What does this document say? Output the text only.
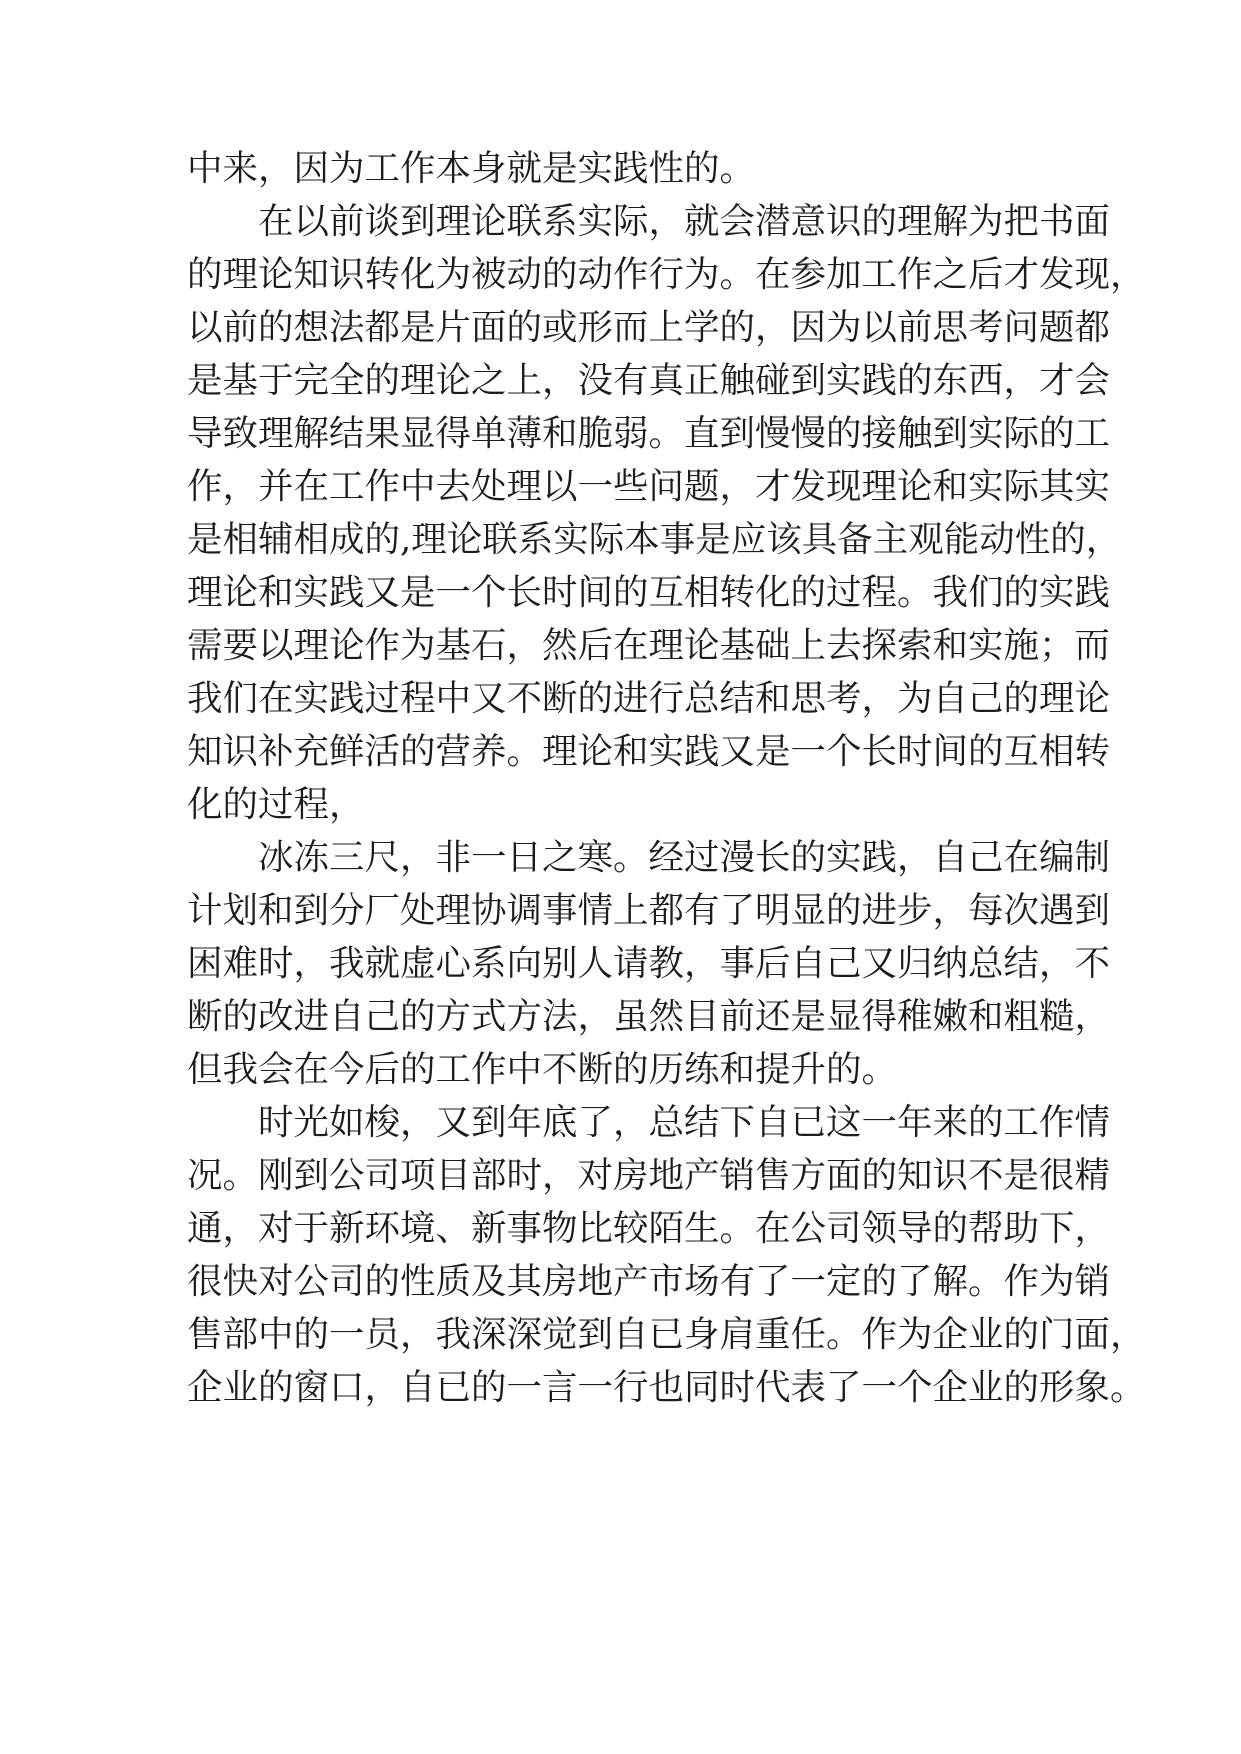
中来，因为工作本身就是实践性的。

在以前谈到理论联系实际，就会潜意识的理解为把书面

的理论知识转化为被动的动作行为。在参加工作之后才发现，

以前的想法都是片面的或形而上学的，因为以前思考问题都

是基于完全的理论之上，没有真正触碰到实践的东西，才会

导致理解结果显得单薄和脆弱。直到慢慢的接触到实际的工

作，并在工作中去处理以一些问题，才发现理论和实际其实

是相辅相成的,理论联系实际本事是应该具备主观能动性的，

理论和实践又是一个长时间的互相转化的过程。我们的实践

需要以理论作为基石，然后在理论基础上去探索和实施；而

我们在实践过程中又不断的进行总结和思考，为自己的理论

知识补充鲜活的营养。理论和实践又是一个长时间的互相转

化的过程，

冰冻三尺，非一日之寒。经过漫长的实践，自己在编制

计划和到分厂处理协调事情上都有了明显的进步，每次遇到

困难时，我就虚心系向别人请教，事后自己又归纳总结，不

断的改进自己的方式方法，虽然目前还是显得稚嫩和粗糙，

但我会在今后的工作中不断的历练和提升的。

时光如梭，又到年底了，总结下自已这一年来的工作情

况。刚到公司项目部时，对房地产销售方面的知识不是很精

通，对于新环境、新事物比较陌生。在公司领导的帮助下，

很快对公司的性质及其房地产市场有了一定的了解。作为销

售部中的一员，我深深觉到自已身肩重任。作为企业的门面，

企业的窗口，自已的一言一行也同时代表了一个企业的形象。
